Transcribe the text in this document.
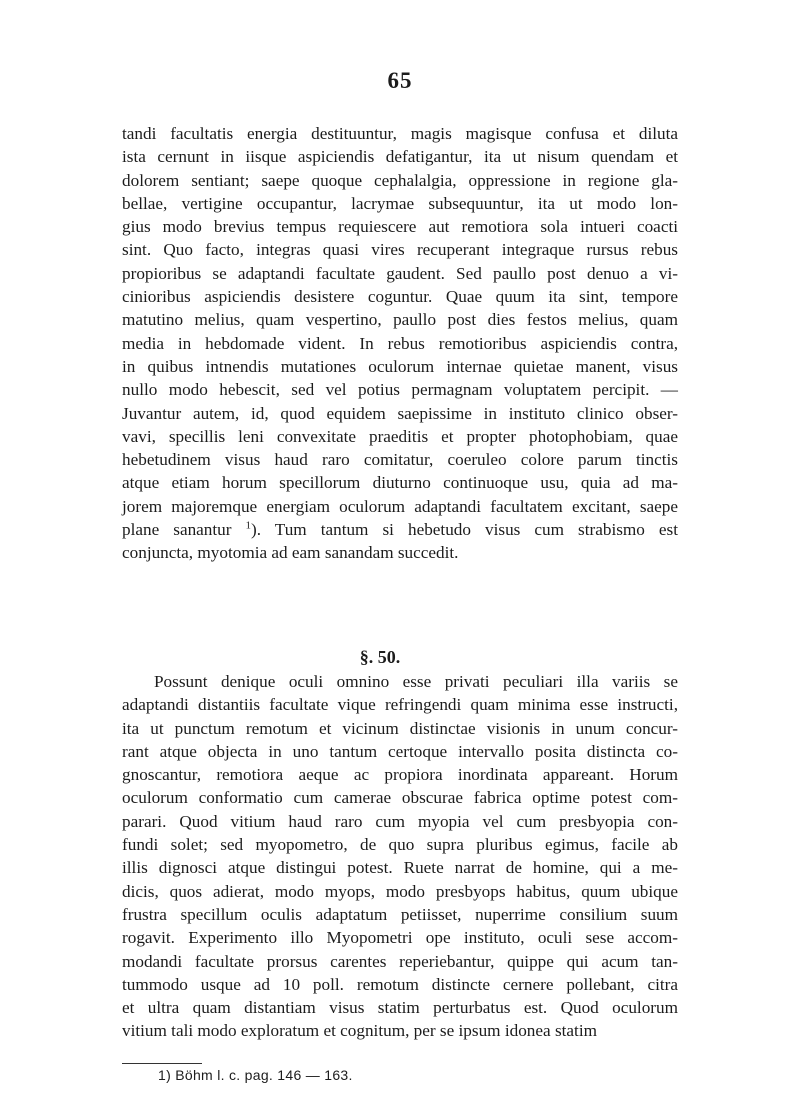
65
tandi facultatis energia destituuntur, magis magisque confusa et diluta
ista cernunt in iisque aspiciendis defatigantur, ita ut nisum quendam et
dolorem sentiant; saepe quoque cephalalgia, oppressione in regione gla-
bellae, vertigine occupantur, lacrymae subsequuntur, ita ut modo lon-
gius modo brevius tempus requiescere aut remotiora sola intueri coacti
sint. Quo facto, integras quasi vires recuperant integraque rursus rebus
propioribus se adaptandi facultate gaudent. Sed paullo post denuo a vi-
cinioribus aspiciendis desistere coguntur. Quae quum ita sint, tempore
matutino melius, quam vespertino, paullo post dies festos melius, quam
media in hebdomade vident. In rebus remotioribus aspiciendis contra,
in quibus intnendis mutationes oculorum internae quietae manent, visus
nullo modo hebescit, sed vel potius permagnam voluptatem percipit. —
Juvantur autem, id, quod equidem saepissime in instituto clinico obser-
vavi, specillis leni convexitate praeditis et propter photophobiam, quae
hebetudinem visus haud raro comitatur, coeruleo colore parum tinctis
atque etiam horum specillorum diuturno continuoque usu, quia ad ma-
jorem majoremque energiam oculorum adaptandi facultatem excitant, saepe
plane sanantur $^1$). Tum tantum si hebetudo visus cum strabismo est
conjuncta, myotomia ad eam sanandam succedit.
§. 50.
Possunt denique oculi omnino esse privati peculiari illa variis se
adaptandi distantiis facultate vique refringendi quam minima esse instructi,
ita ut punctum remotum et vicinum distinctae visionis in unum concur-
rant atque objecta in uno tantum certoque intervallo posita distincta co-
gnoscantur, remotiora aeque ac propiora inordinata appareant. Horum
oculorum conformatio cum camerae obscurae fabrica optime potest com-
parari. Quod vitium haud raro cum myopia vel cum presbyopia con-
fundi solet; sed myopometro, de quo supra pluribus egimus, facile ab
illis dignosci atque distingui potest. Ruete narrat de homine, qui a me-
dicis, quos adierat, modo myops, modo presbyops habitus, quum ubique
frustra specillum oculis adaptatum petiisset, nuperrime consilium suum
rogavit. Experimento illo Myopometri ope instituto, oculi sese accom-
modandi facultate prorsus carentes reperiebantur, quippe qui acum tan-
tummodo usque ad 10 poll. remotum distincte cernere pollebant, citra
et ultra quam distantiam visus statim perturbatus est. Quod oculorum
vitium tali modo exploratum et cognitum, per se ipsum idonea statim
1) Böhm l. c. pag. 146 — 163.
